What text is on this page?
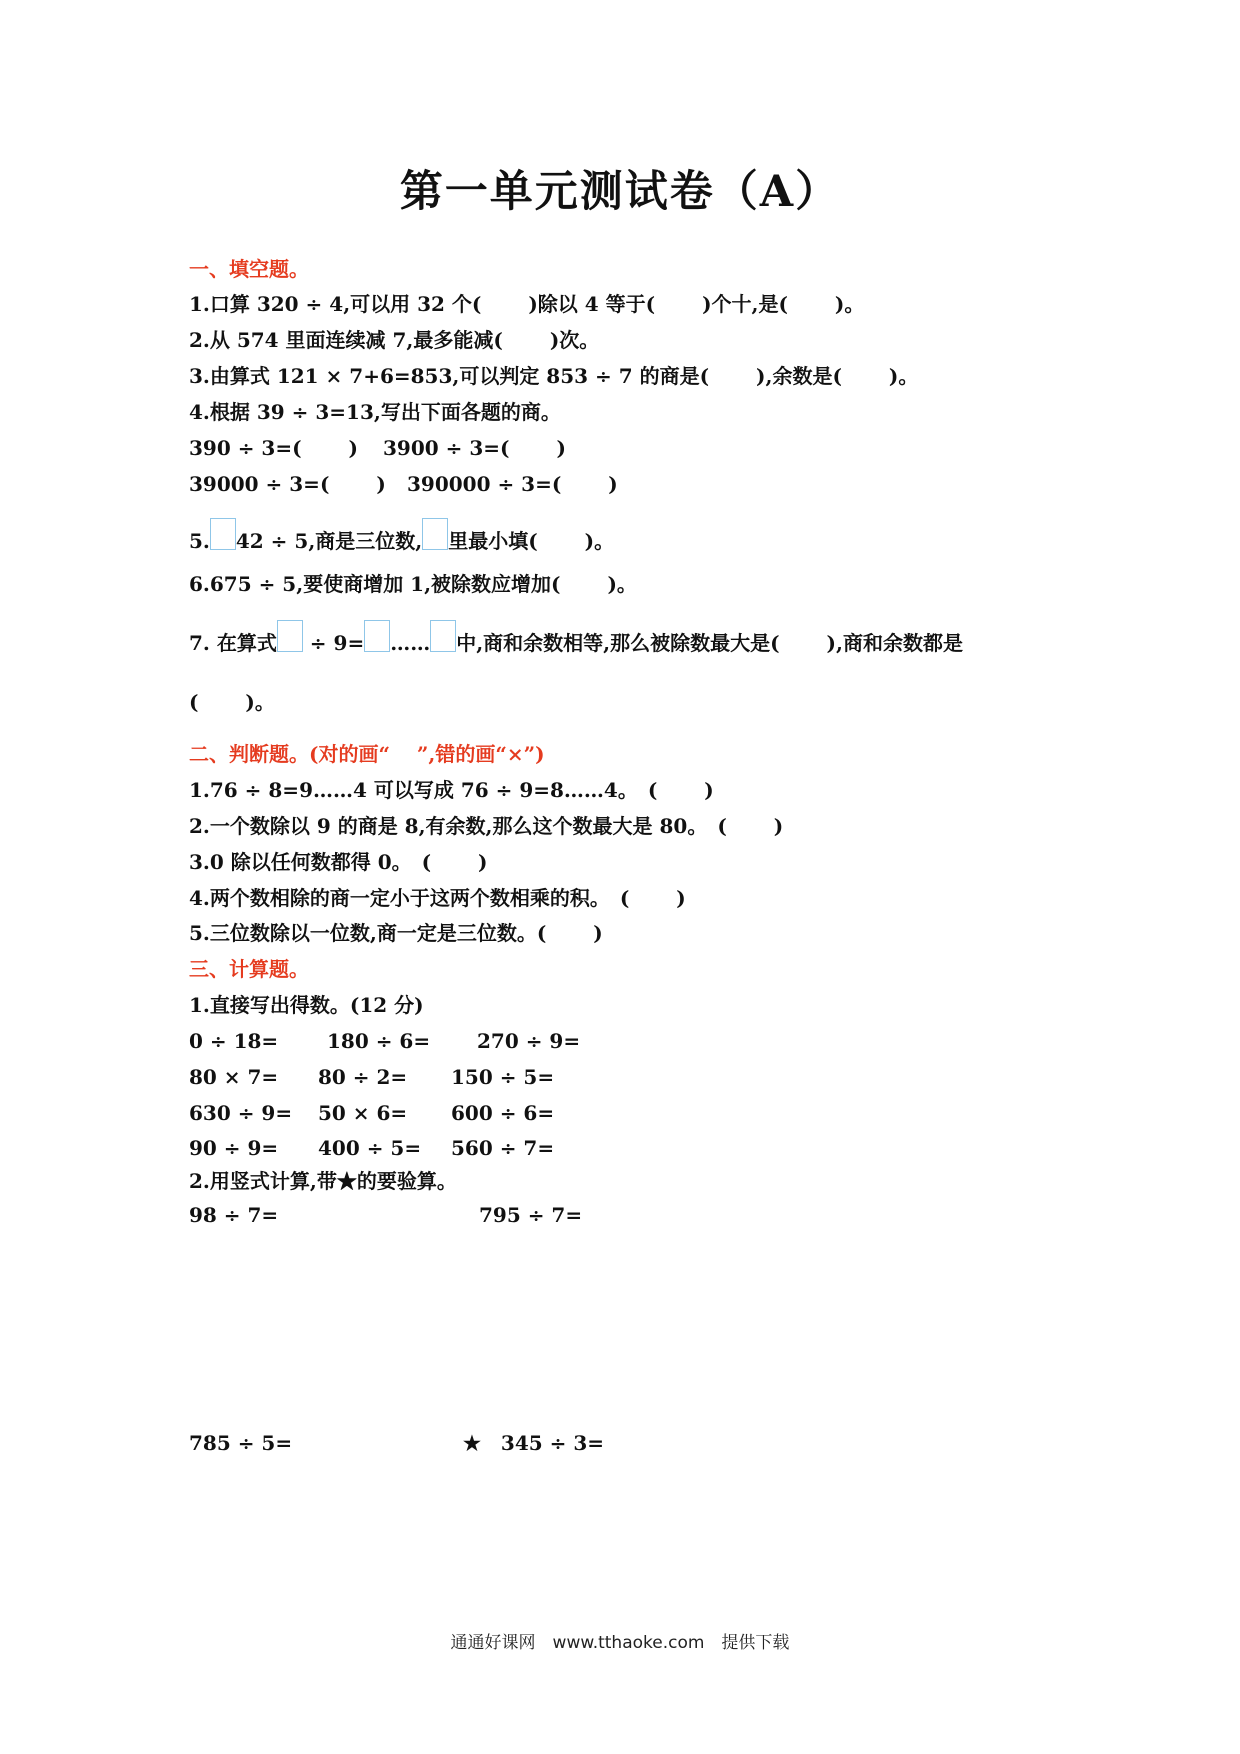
第一单元测试卷（A）
一、填空题。
1.口算 320 ÷ 4,可以用 32 个(　　 )除以 4 等于(　　 )个十,是(　　 )。
2.从 574 里面连续减 7,最多能减(　　 )次。
3.由算式 121 × 7+6=853,可以判定 853 ÷ 7 的商是(　　 ),余数是(　　 )。
4.根据 39 ÷ 3=13,写出下面各题的商。
390 ÷ 3=(　　 ) 3900 ÷ 3=(　　 )
39000 ÷ 3=(　　 ) 390000 ÷ 3=(　　 )
5. 42 ÷ 5,商是三位数, 里最小填(　　 )。
6.675 ÷ 5,要使商增加 1,被除数应增加(　　 )。
7. 在算式 ÷ 9= …… 中,商和余数相等,那么被除数最大是(　　 ),商和余数都是
(　　 )。
二、判断题。(对的画“　 ”,错的画“×”)
1.76 ÷ 8=9……4 可以写成 76 ÷ 9=8……4。　(　　 )
2.一个数除以 9 的商是 8,有余数,那么这个数最大是 80。　(　　 )
3.0 除以任何数都得 0。　(　　 )
4.两个数相除的商一定小于这两个数相乘的积。　(　　 )
5.三位数除以一位数,商一定是三位数。(　　 )
三、计算题。
1.直接写出得数。(12 分)
0 ÷ 18= 180 ÷ 6= 270 ÷ 9=
80 × 7= 80 ÷ 2= 150 ÷ 5=
630 ÷ 9= 50 × 6= 600 ÷ 6=
90 ÷ 9= 400 ÷ 5= 560 ÷ 7=
2.用竖式计算,带★的要验算。
98 ÷ 7=	795 ÷ 7=
785 ÷ 5=	★　345 ÷ 3=
通通好课网　www.tthaoke.com　提供下载
